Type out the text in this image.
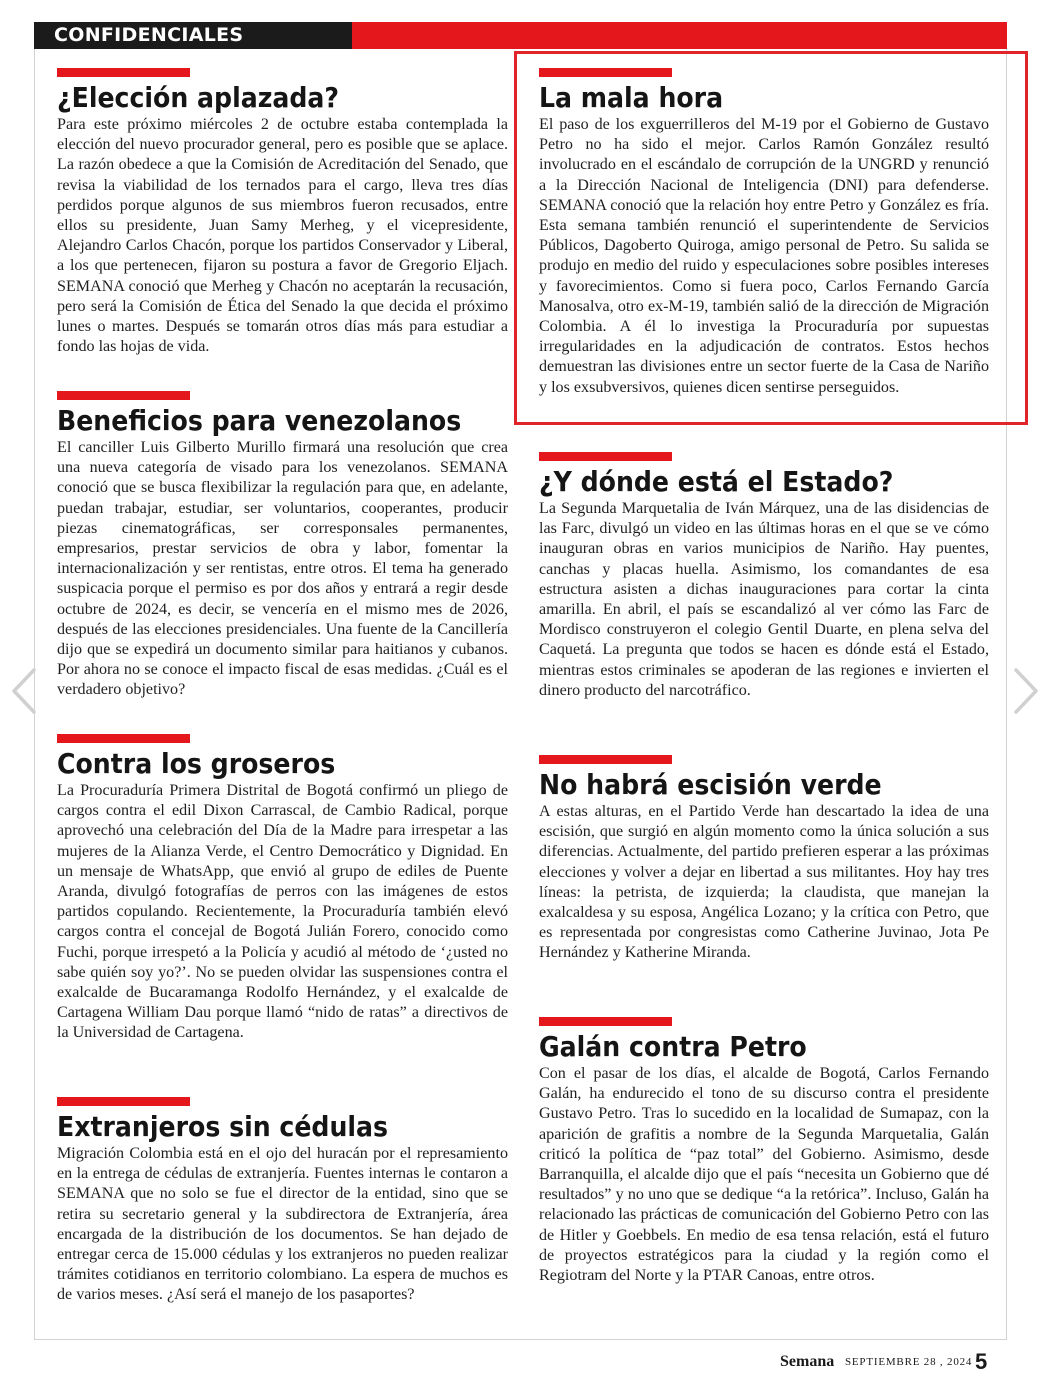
CONFIDENCIALES
¿Elección aplazada?

Para este próximo miércoles 2 de octubre estaba contemplada la elección del nuevo procurador general, pero es posible que se aplace. La razón obedece a que la Comisión de Acreditación del Senado, que revisa la viabilidad de los ternados para el cargo, lleva tres días perdidos porque algunos de sus miembros fueron recusados, entre ellos su presidente, Juan Samy Merheg, y el vicepresidente, Alejandro Carlos Chacón, porque los partidos Conservador y Liberal, a los que pertenecen, fijaron su postura a favor de Gregorio Eljach. SEMANA conoció que Merheg y Chacón no aceptarán la recusación, pero será la Comisión de Ética del Senado la que decida el próximo lunes o martes. Después se tomarán otros días más para estudiar a fondo las hojas de vida.

Beneficios para venezolanos

El canciller Luis Gilberto Murillo firmará una resolución que crea una nueva categoría de visado para los venezolanos. SEMANA conoció que se busca flexibilizar la regulación para que, en adelante, puedan trabajar, estudiar, ser voluntarios, cooperantes, producir piezas cinematográficas, ser corresponsales permanentes, empresarios, prestar servicios de obra y labor, fomentar la internacionalización y ser rentistas, entre otros. El tema ha generado suspicacia porque el permiso es por dos años y entrará a regir desde octubre de 2024, es decir, se vencería en el mismo mes de 2026, después de las elecciones presidenciales. Una fuente de la Cancillería dijo que se expedirá un documento similar para haitianos y cubanos. Por ahora no se conoce el impacto fiscal de esas medidas. ¿Cuál es el verdadero objetivo?

Contra los groseros

La Procuraduría Primera Distrital de Bogotá confirmó un pliego de cargos contra el edil Dixon Carrascal, de Cambio Radical, porque aprovechó una celebración del Día de la Madre para irrespetar a las mujeres de la Alianza Verde, el Centro Democrático y Dignidad. En un mensaje de WhatsApp, que envió al grupo de ediles de Puente Aranda, divulgó fotografías de perros con las imágenes de estos partidos copulando. Recientemente, la Procuraduría también elevó cargos contra el concejal de Bogotá Julián Forero, conocido como Fuchi, porque irrespetó a la Policía y acudió al método de ‘¿usted no sabe quién soy yo?’. No se pueden olvidar las suspensiones contra el exalcalde de Bucaramanga Rodolfo Hernández, y el exalcalde de Cartagena William Dau porque llamó “nido de ratas” a directivos de la Universidad de Cartagena.

Extranjeros sin cédulas

Migración Colombia está en el ojo del huracán por el represamiento en la entrega de cédulas de extranjería. Fuentes internas le contaron a SEMANA que no solo se fue el director de la entidad, sino que se retira su secretario general y la subdirectora de Extranjería, área encargada de la distribución de los documentos. Se han dejado de entregar cerca de 15.000 cédulas y los extranjeros no pueden realizar trámites cotidianos en territorio colombiano. La espera de muchos es de varios meses. ¿Así será el manejo de los pasaportes?

La mala hora

El paso de los exguerrilleros del M-19 por el Gobierno de Gustavo Petro no ha sido el mejor. Carlos Ramón González resultó involucrado en el escándalo de corrupción de la UNGRD y renunció a la Dirección Nacional de Inteligencia (DNI) para defenderse. SEMANA conoció que la relación hoy entre Petro y González es fría. Esta semana también renunció el superintendente de Servicios Públicos, Dagoberto Quiroga, amigo personal de Petro. Su salida se produjo en medio del ruido y especulaciones sobre posibles intereses y favorecimientos. Como si fuera poco, Carlos Fernando García Manosalva, otro ex-M-19, también salió de la dirección de Migración Colombia. A él lo investiga la Procuraduría por supuestas irregularidades en la adjudicación de contratos. Estos hechos demuestran las divisiones entre un sector fuerte de la Casa de Nariño y los exsubversivos, quienes dicen sentirse perseguidos.

¿Y dónde está el Estado?

La Segunda Marquetalia de Iván Márquez, una de las disidencias de las Farc, divulgó un video en las últimas horas en el que se ve cómo inauguran obras en varios municipios de Nariño. Hay puentes, canchas y placas huella. Asimismo, los comandantes de esa estructura asisten a dichas inauguraciones para cortar la cinta amarilla. En abril, el país se escandalizó al ver cómo las Farc de Mordisco construyeron el colegio Gentil Duarte, en plena selva del Caquetá. La pregunta que todos se hacen es dónde está el Estado, mientras estos criminales se apoderan de las regiones e invierten el dinero producto del narcotráfico.

No habrá escisión verde

A estas alturas, en el Partido Verde han descartado la idea de una escisión, que surgió en algún momento como la única solución a sus diferencias. Actualmente, del partido prefieren esperar a las próximas elecciones y volver a dejar en libertad a sus militantes. Hoy hay tres líneas: la petrista, de izquierda; la claudista, que manejan la exalcaldesa y su esposa, Angélica Lozano; y la crítica con Petro, que es representada por congresistas como Catherine Juvinao, Jota Pe Hernández y Katherine Miranda.

Galán contra Petro

Con el pasar de los días, el alcalde de Bogotá, Carlos Fernando Galán, ha endurecido el tono de su discurso contra el presidente Gustavo Petro. Tras lo sucedido en la localidad de Sumapaz, con la aparición de grafitis a nombre de la Segunda Marquetalia, Galán criticó la política de “paz total” del Gobierno. Asimismo, desde Barranquilla, el alcalde dijo que el país “necesita un Gobierno que dé resultados” y no uno que se dedique “a la retórica”. Incluso, Galán ha relacionado las prácticas de comunicación del Gobierno Petro con las de Hitler y Goebbels. En medio de esa tensa relación, está el futuro de proyectos estratégicos para la ciudad y la región como el Regiotram del Norte y la PTAR Canoas, entre otros.

Semana SEPTIEMBRE 28 , 2024 5
